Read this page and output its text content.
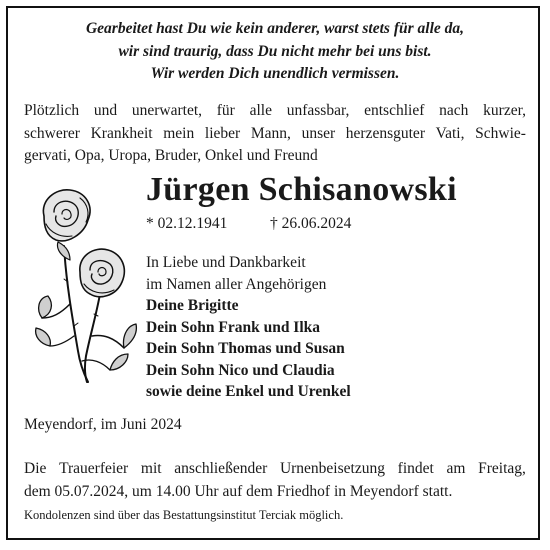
Gearbeitet hast Du wie kein anderer, warst stets für alle da,
wir sind traurig, dass Du nicht mehr bei uns bist.
Wir werden Dich unendlich vermissen.
Plötzlich und unerwartet, für alle unfassbar, entschlief nach kurzer,
schwerer Krankheit mein lieber Mann, unser herzensguter Vati, Schwie-
gervati, Opa, Uropa, Bruder, Onkel und Freund
Jürgen Schisanowski
* 02.12.1941	† 26.06.2024
In Liebe und Dankbarkeit
im Namen aller Angehörigen
Deine Brigitte
Dein Sohn Frank und Ilka
Dein Sohn Thomas und Susan
Dein Sohn Nico und Claudia
sowie deine Enkel und Urenkel
Meyendorf, im Juni 2024
Die Trauerfeier mit anschließender Urnenbeisetzung findet am Freitag,
dem 05.07.2024, um 14.00 Uhr auf dem Friedhof in Meyendorf statt.
Kondolenzen sind über das Bestattungsinstitut Terciak möglich.
